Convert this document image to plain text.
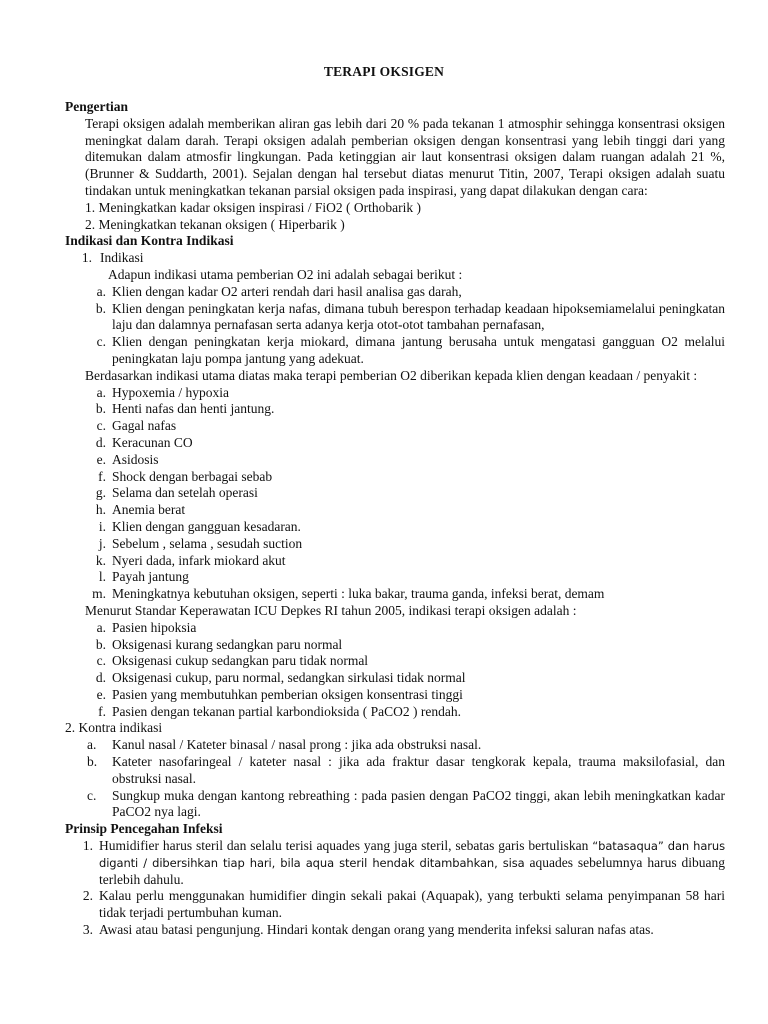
TERAPI OKSIGEN
Pengertian
Terapi oksigen adalah memberikan aliran gas lebih dari 20 % pada tekanan 1 atmosphir sehingga konsentrasi oksigen meningkat dalam darah. Terapi oksigen adalah pemberian oksigen dengan konsentrasi yang lebih tinggi dari yang ditemukan dalam atmosfir lingkungan. Pada ketinggian air laut konsentrasi oksigen dalam ruangan adalah 21 %,(Brunner & Suddarth, 2001). Sejalan dengan hal tersebut diatas menurut Titin, 2007, Terapi oksigen adalah suatu tindakan untuk meningkatkan tekanan parsial oksigen pada inspirasi, yang dapat dilakukan dengan cara:
1. Meningkatkan kadar oksigen inspirasi / FiO2 ( Orthobarik )
2. Meningkatkan tekanan oksigen ( Hiperbarik )
Indikasi dan Kontra Indikasi
1. Indikasi
Adapun indikasi utama pemberian O2 ini adalah sebagai berikut :
a. Klien dengan kadar O2 arteri rendah dari hasil analisa gas darah,
b. Klien dengan peningkatan kerja nafas, dimana tubuh berespon terhadap keadaan hipoksemiamelalui peningkatan laju dan dalamnya pernafasan serta adanya kerja otot-otot tambahan pernafasan,
c. Klien dengan peningkatan kerja miokard, dimana jantung berusaha untuk mengatasi gangguan O2 melalui peningkatan laju pompa jantung yang adekuat.
Berdasarkan indikasi utama diatas maka terapi pemberian O2 diberikan kepada klien dengan keadaan / penyakit :
a. Hypoxemia / hypoxia
b. Henti nafas dan henti jantung.
c. Gagal nafas
d. Keracunan CO
e. Asidosis
f. Shock dengan berbagai sebab
g. Selama dan setelah operasi
h. Anemia berat
i. Klien dengan gangguan kesadaran.
j. Sebelum , selama , sesudah suction
k. Nyeri dada, infark miokard akut
l. Payah jantung
m. Meningkatnya kebutuhan oksigen, seperti : luka bakar, trauma ganda, infeksi berat, demam
Menurut Standar Keperawatan ICU Depkes RI tahun 2005, indikasi terapi oksigen adalah :
a. Pasien hipoksia
b. Oksigenasi kurang sedangkan paru normal
c. Oksigenasi cukup sedangkan paru tidak normal
d. Oksigenasi cukup, paru normal, sedangkan sirkulasi tidak normal
e. Pasien yang membutuhkan pemberian oksigen konsentrasi tinggi
f. Pasien dengan tekanan partial karbondioksida ( PaCO2 ) rendah.
2. Kontra indikasi
a.	Kanul nasal / Kateter binasal / nasal prong : jika ada obstruksi nasal.
b.	Kateter nasofaringeal / kateter nasal : jika ada fraktur dasar tengkorak kepala, trauma maksilofasial, dan obstruksi nasal.
c.	Sungkup muka dengan kantong rebreathing : pada pasien dengan PaCO2 tinggi, akan lebih meningkatkan kadar PaCO2 nya lagi.
Prinsip Pencegahan Infeksi
1. Humidifier harus steril dan selalu terisi aquades yang juga steril, sebatas garis bertuliskan “batasaqua” dan harus diganti / dibersihkan tiap hari, bila aqua steril hendak ditambahkan, sisa aquades sebelumnya harus dibuang terlebih dahulu.
2. Kalau perlu menggunakan humidifier dingin sekali pakai (Aquapak), yang terbukti selama penyimpanan 58 hari tidak terjadi pertumbuhan kuman.
3. Awasi atau batasi pengunjung. Hindari kontak dengan orang yang menderita infeksi saluran nafas atas.
